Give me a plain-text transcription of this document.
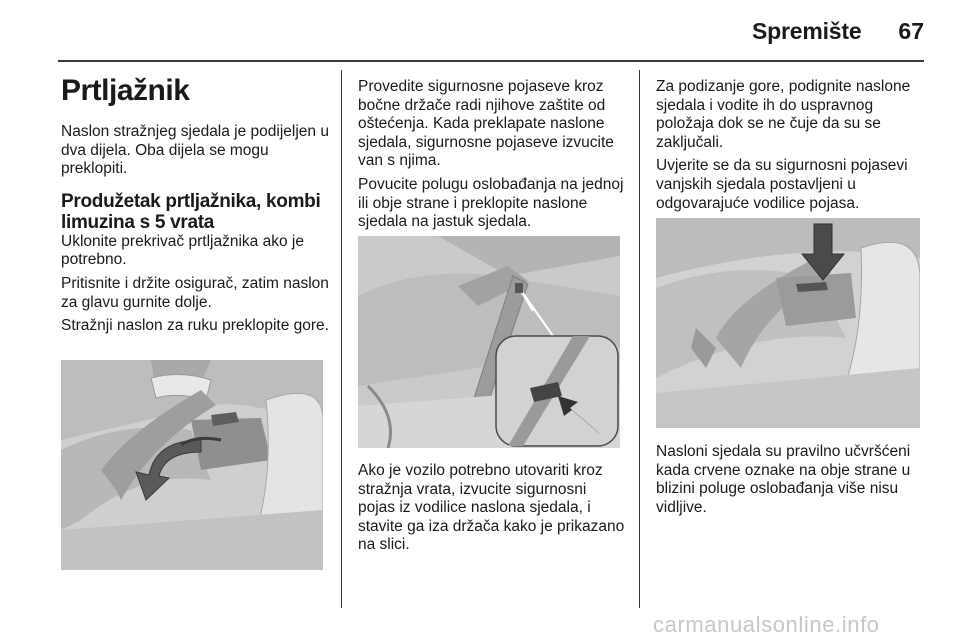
Spremište	67
Prtljažnik

Naslon stražnjeg sjedala je podijeljen u dva dijela. Oba dijela se mogu preklopiti.

Produžetak prtljažnika, kombi limuzina s 5 vrata

Uklonite prekrivač prtljažnika ako je potrebno.

Pritisnite i držite osigurač, zatim naslon za glavu gurnite dolje.

Stražnji naslon za ruku preklopite gore.

Provedite sigurnosne pojaseve kroz bočne držače radi njihove zaštite od oštećenja. Kada preklapate naslone sjedala, sigurnosne pojaseve izvucite van s njima.

Povucite polugu oslobađanja na jednoj ili obje strane i preklopite naslone sjedala na jastuk sjedala.

Ako je vozilo potrebno utovariti kroz stražnja vrata, izvucite sigurnosni pojas iz vodilice naslona sjedala, i stavite ga iza držača kako je prikazano na slici.

Za podizanje gore, podignite naslone sjedala i vodite ih do uspravnog položaja dok se ne čuje da su se zaključali.

Uvjerite se da su sigurnosni pojasevi vanjskih sjedala postavljeni u odgovarajuće vodilice pojasa.

Nasloni sjedala su pravilno učvršćeni kada crvene oznake na obje strane u blizini poluge oslobađanja više nisu vidljive.

carmanualsonline.info
